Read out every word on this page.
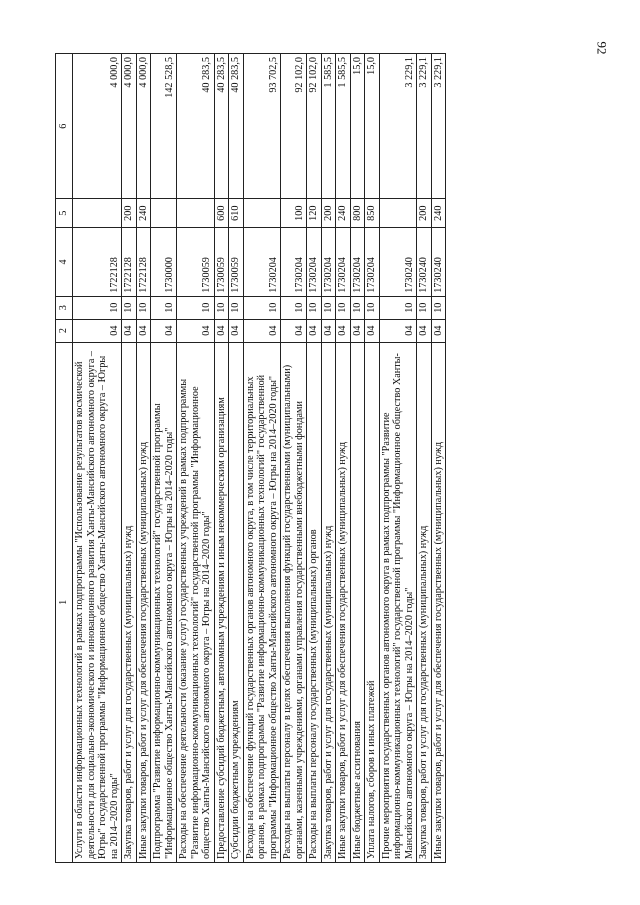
92
1	2	3	4	5	6
Услуги в области информационных технологий в рамках подпрограммы "Использование результатов космической деятельности для социально-экономического и инновационного развития Ханты-Мансийского автономного округа – Югры" государственной программы "Информационное общество Ханты-Мансийского автономного округа – Югры на 2014–2020 годы"	04	10	1722128		4 000,0
Закупка товаров, работ и услуг для государственных (муниципальных) нужд	04	10	1722128	200	4 000,0
Иные закупки товаров, работ и услуг для обеспечения государственных (муниципальных) нужд	04	10	1722128	240	4 000,0
Подпрограмма "Развитие информационно-коммуникационных технологий" государственной программы "Информационное общество Ханты-Мансийского автономного округа – Югры на 2014–2020 годы"	04	10	1730000		142 528,5
Расходы на обеспечение деятельности (оказание услуг) государственных учреждений в рамках подпрограммы "Развитие информационно-коммуникационных технологий" государственной программы "Информационное общество Ханты-Мансийского автономного округа – Югры на 2014–2020 годы"	04	10	1730059		40 283,5
Предоставление субсидий бюджетным, автономным учреждениям и иным некоммерческим организациям	04	10	1730059	600	40 283,5
Субсидии бюджетным учреждениям	04	10	1730059	610	40 283,5
Расходы на обеспечение функций государственных органов автономного округа, в том числе территориальных органов, в рамках подпрограммы "Развитие информационно-коммуникационных технологий" государственной программы "Информационное общество Ханты-Мансийского автономного округа – Югры на 2014–2020 годы"	04	10	1730204		93 702,5
Расходы на выплаты персоналу в целях обеспечения выполнения функций государственными (муниципальными) органами, казенными учреждениями, органами управления государственными внебюджетными фондами	04	10	1730204	100	92 102,0
Расходы на выплаты персоналу государственных (муниципальных) органов	04	10	1730204	120	92 102,0
Закупка товаров, работ и услуг для государственных (муниципальных) нужд	04	10	1730204	200	1 585,5
Иные закупки товаров, работ и услуг для обеспечения государственных (муниципальных) нужд	04	10	1730204	240	1 585,5
Иные бюджетные ассигнования	04	10	1730204	800	15,0
Уплата налогов, сборов и иных платежей	04	10	1730204	850	15,0
Прочие мероприятия государственных органов автономного округа в рамках подпрограммы "Развитие информационно-коммуникационных технологий" государственной программы "Информационное общество Ханты-Мансийского автономного округа – Югры на 2014–2020 годы"	04	10	1730240		3 229,1
Закупка товаров, работ и услуг для государственных (муниципальных) нужд	04	10	1730240	200	3 229,1
Иные закупки товаров, работ и услуг для обеспечения государственных (муниципальных) нужд	04	10	1730240	240	3 229,1
